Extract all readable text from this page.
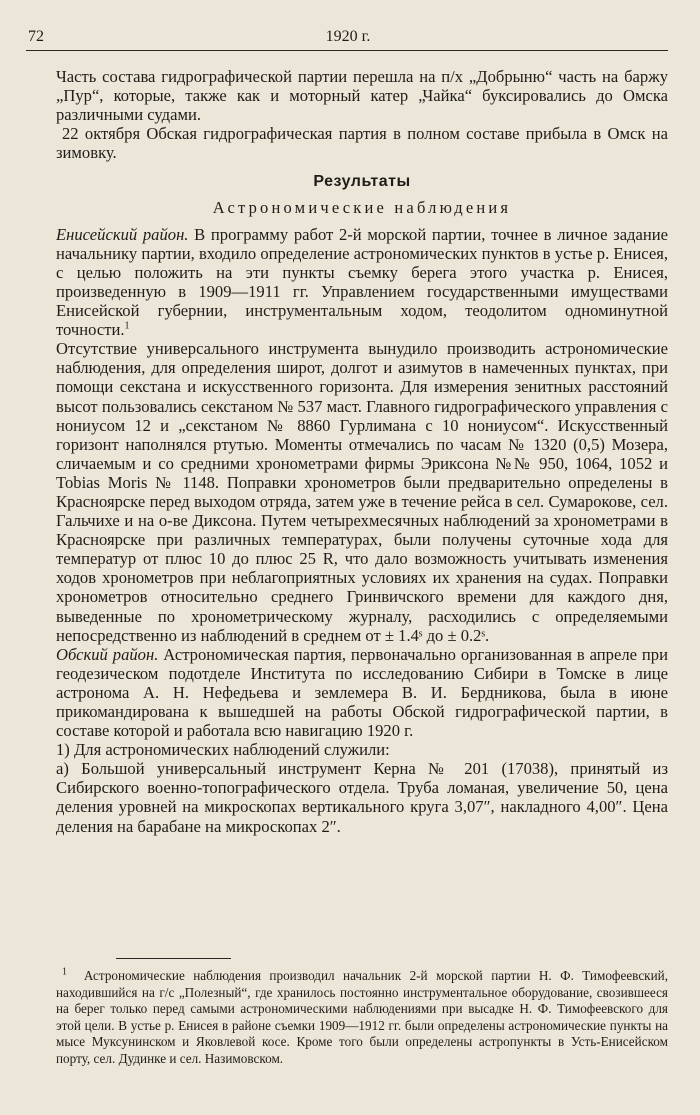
72	1920 г.

Часть состава гидрографической партии перешла на п/х „Добрыню“ часть на баржу „Пур“, которые, также как и моторный катер „Чайка“ буксировались до Омска различными судами.

22 октября Обская гидрографическая партия в полном составе прибыла в Омск на зимовку.

Результаты
Астрономические наблюдения

Енисейский район. В программу работ 2-й морской партии, точнее в личное задание начальнику партии, входило определение астрономических пунктов в устье р. Енисея, с целью положить на эти пункты съемку берега этого участка р. Енисея, произведенную в 1909—1911 гг. Управлением государственными имуществами Енисейской губернии, инструментальным ходом, теодолитом одноминутной точности.$^1$

Отсутствие универсального инструмента вынудило производить астрономические наблюдения, для определения широт, долгот и азимутов в намеченных пунктах, при помощи секстана и искусственного горизонта. Для измерения зенитных расстояний высот пользовались секстаном № 537 маст. Главного гидрографического управления с нониусом 12 и „секстаном № 8860 Гурлимана с 10 нониусом“. Искусственный горизонт наполнялся ртутью. Моменты отмечались по часам № 1320 (0,5) Мозера, сличаемым и со средними хронометрами фирмы Эриксона №№ 950, 1064, 1052 и Tobias Moris № 1148. Поправки хронометров были предварительно определены в Красноярске перед выходом отряда, затем уже в течение рейса в сел. Сумарокове, сел. Гальчихе и на о-ве Диксона. Путем четырехмесячных наблюдений за хронометрами в Красноярске при различных температурах, были получены суточные хода для температур от плюс 10 до плюс 25 R, что дало возможность учитывать изменения ходов хронометров при неблагоприятных условиях их хранения на судах. Поправки хронометров относительно среднего Гринвичского времени для каждого дня, выведенные по хронометрическому журналу, расходились с определяемыми непосредственно из наблюдений в среднем от ± 1.4ˢ до ± 0.2ˢ.

Обский район. Астрономическая партия, первоначально организованная в апреле при геодезическом подотделе Института по исследованию Сибири в Томске в лице астронома А. Н. Нефедьева и землемера В. И. Бердникова, была в июне прикомандирована к вышедшей на работы Обской гидрографической партии, в составе которой и работала всю навигацию 1920 г.

1) Для астрономических наблюдений служили:

а) Большой универсальный инструмент Керна № 201 (17038), принятый из Сибирского военно-топографического отдела. Труба ломаная, увеличение 50, цена деления уровней на микроскопах вертикального круга 3,07″, накладного 4,00″. Цена деления на барабане на микроскопах 2″.

$^1$ Астрономические наблюдения производил начальник 2-й морской партии Н. Ф. Тимофеевский, находившийся на г/с „Полезный“, где хранилось постоянно инструментальное оборудование, свозившееся на берег только перед самыми астрономическими наблюдениями при высадке Н. Ф. Тимофеевского для этой цели. В устье р. Енисея в районе съемки 1909—1912 гг. были определены астрономические пункты на мысе Муксунинском и Яковлевой косе. Кроме того были определены астропункты в Усть-Енисейском порту, сел. Дудинке и сел. Назимовском.
